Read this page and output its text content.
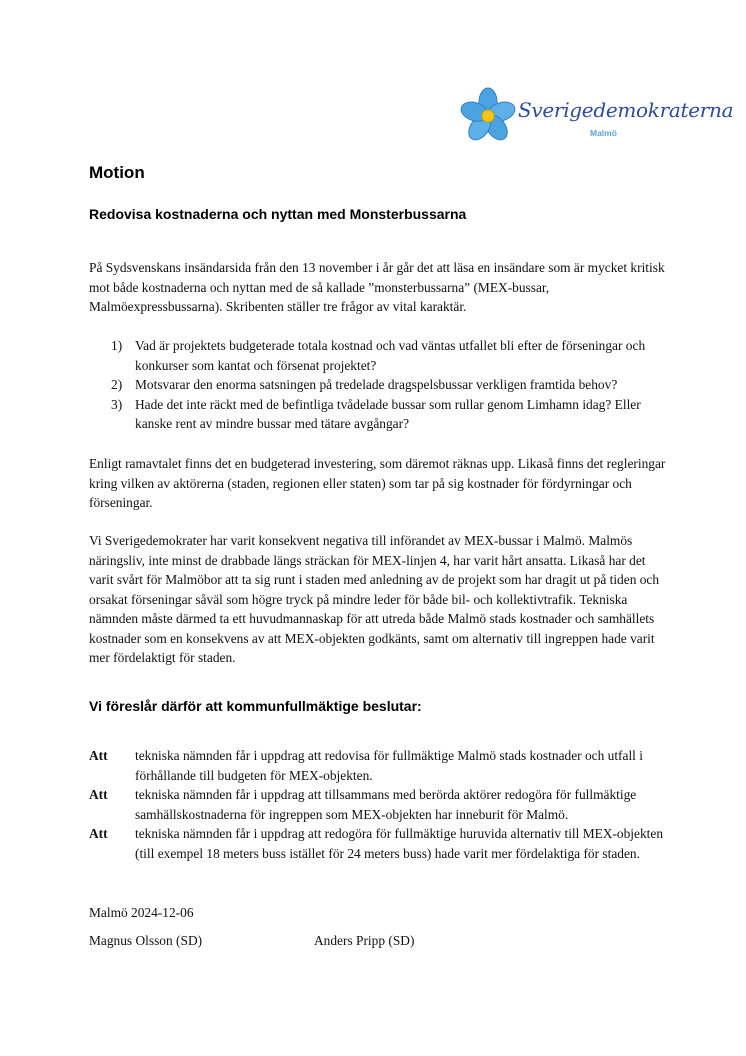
Sverigedemokraterna
Malmö
Motion
Redovisa kostnaderna och nyttan med Monsterbussarna
På Sydsvenskans insändarsida från den 13 november i år går det att läsa en insändare som är mycket kritisk mot både kostnaderna och nyttan med de så kallade ”monsterbussarna” (MEX-bussar, Malmöexpressbussarna). Skribenten ställer tre frågor av vital karaktär.
1) Vad är projektets budgeterade totala kostnad och vad väntas utfallet bli efter de förseningar och konkurser som kantat och försenat projektet?
2) Motsvarar den enorma satsningen på tredelade dragspelsbussar verkligen framtida behov?
3) Hade det inte räckt med de befintliga tvådelade bussar som rullar genom Limhamn idag? Eller kanske rent av mindre bussar med tätare avgångar?
Enligt ramavtalet finns det en budgeterad investering, som däremot räknas upp. Likaså finns det regleringar kring vilken av aktörerna (staden, regionen eller staten) som tar på sig kostnader för fördyrningar och förseningar.
Vi Sverigedemokrater har varit konsekvent negativa till införandet av MEX-bussar i Malmö. Malmös näringsliv, inte minst de drabbade längs sträckan för MEX-linjen 4, har varit hårt ansatta. Likaså har det varit svårt för Malmöbor att ta sig runt i staden med anledning av de projekt som har dragit ut på tiden och orsakat förseningar såväl som högre tryck på mindre leder för både bil- och kollektivtrafik. Tekniska nämnden måste därmed ta ett huvudmannaskap för att utreda både Malmö stads kostnader och samhällets kostnader som en konsekvens av att MEX-objekten godkänts, samt om alternativ till ingreppen hade varit mer fördelaktigt för staden.
Vi föreslår därför att kommunfullmäktige beslutar:
Att tekniska nämnden får i uppdrag att redovisa för fullmäktige Malmö stads kostnader och utfall i förhållande till budgeten för MEX-objekten.
Att tekniska nämnden får i uppdrag att tillsammans med berörda aktörer redogöra för fullmäktige samhällskostnaderna för ingreppen som MEX-objekten har inneburit för Malmö.
Att tekniska nämnden får i uppdrag att redogöra för fullmäktige huruvida alternativ till MEX-objekten (till exempel 18 meters buss istället för 24 meters buss) hade varit mer fördelaktiga för staden.
Malmö 2024-12-06
Magnus Olsson (SD)	Anders Pripp (SD)
